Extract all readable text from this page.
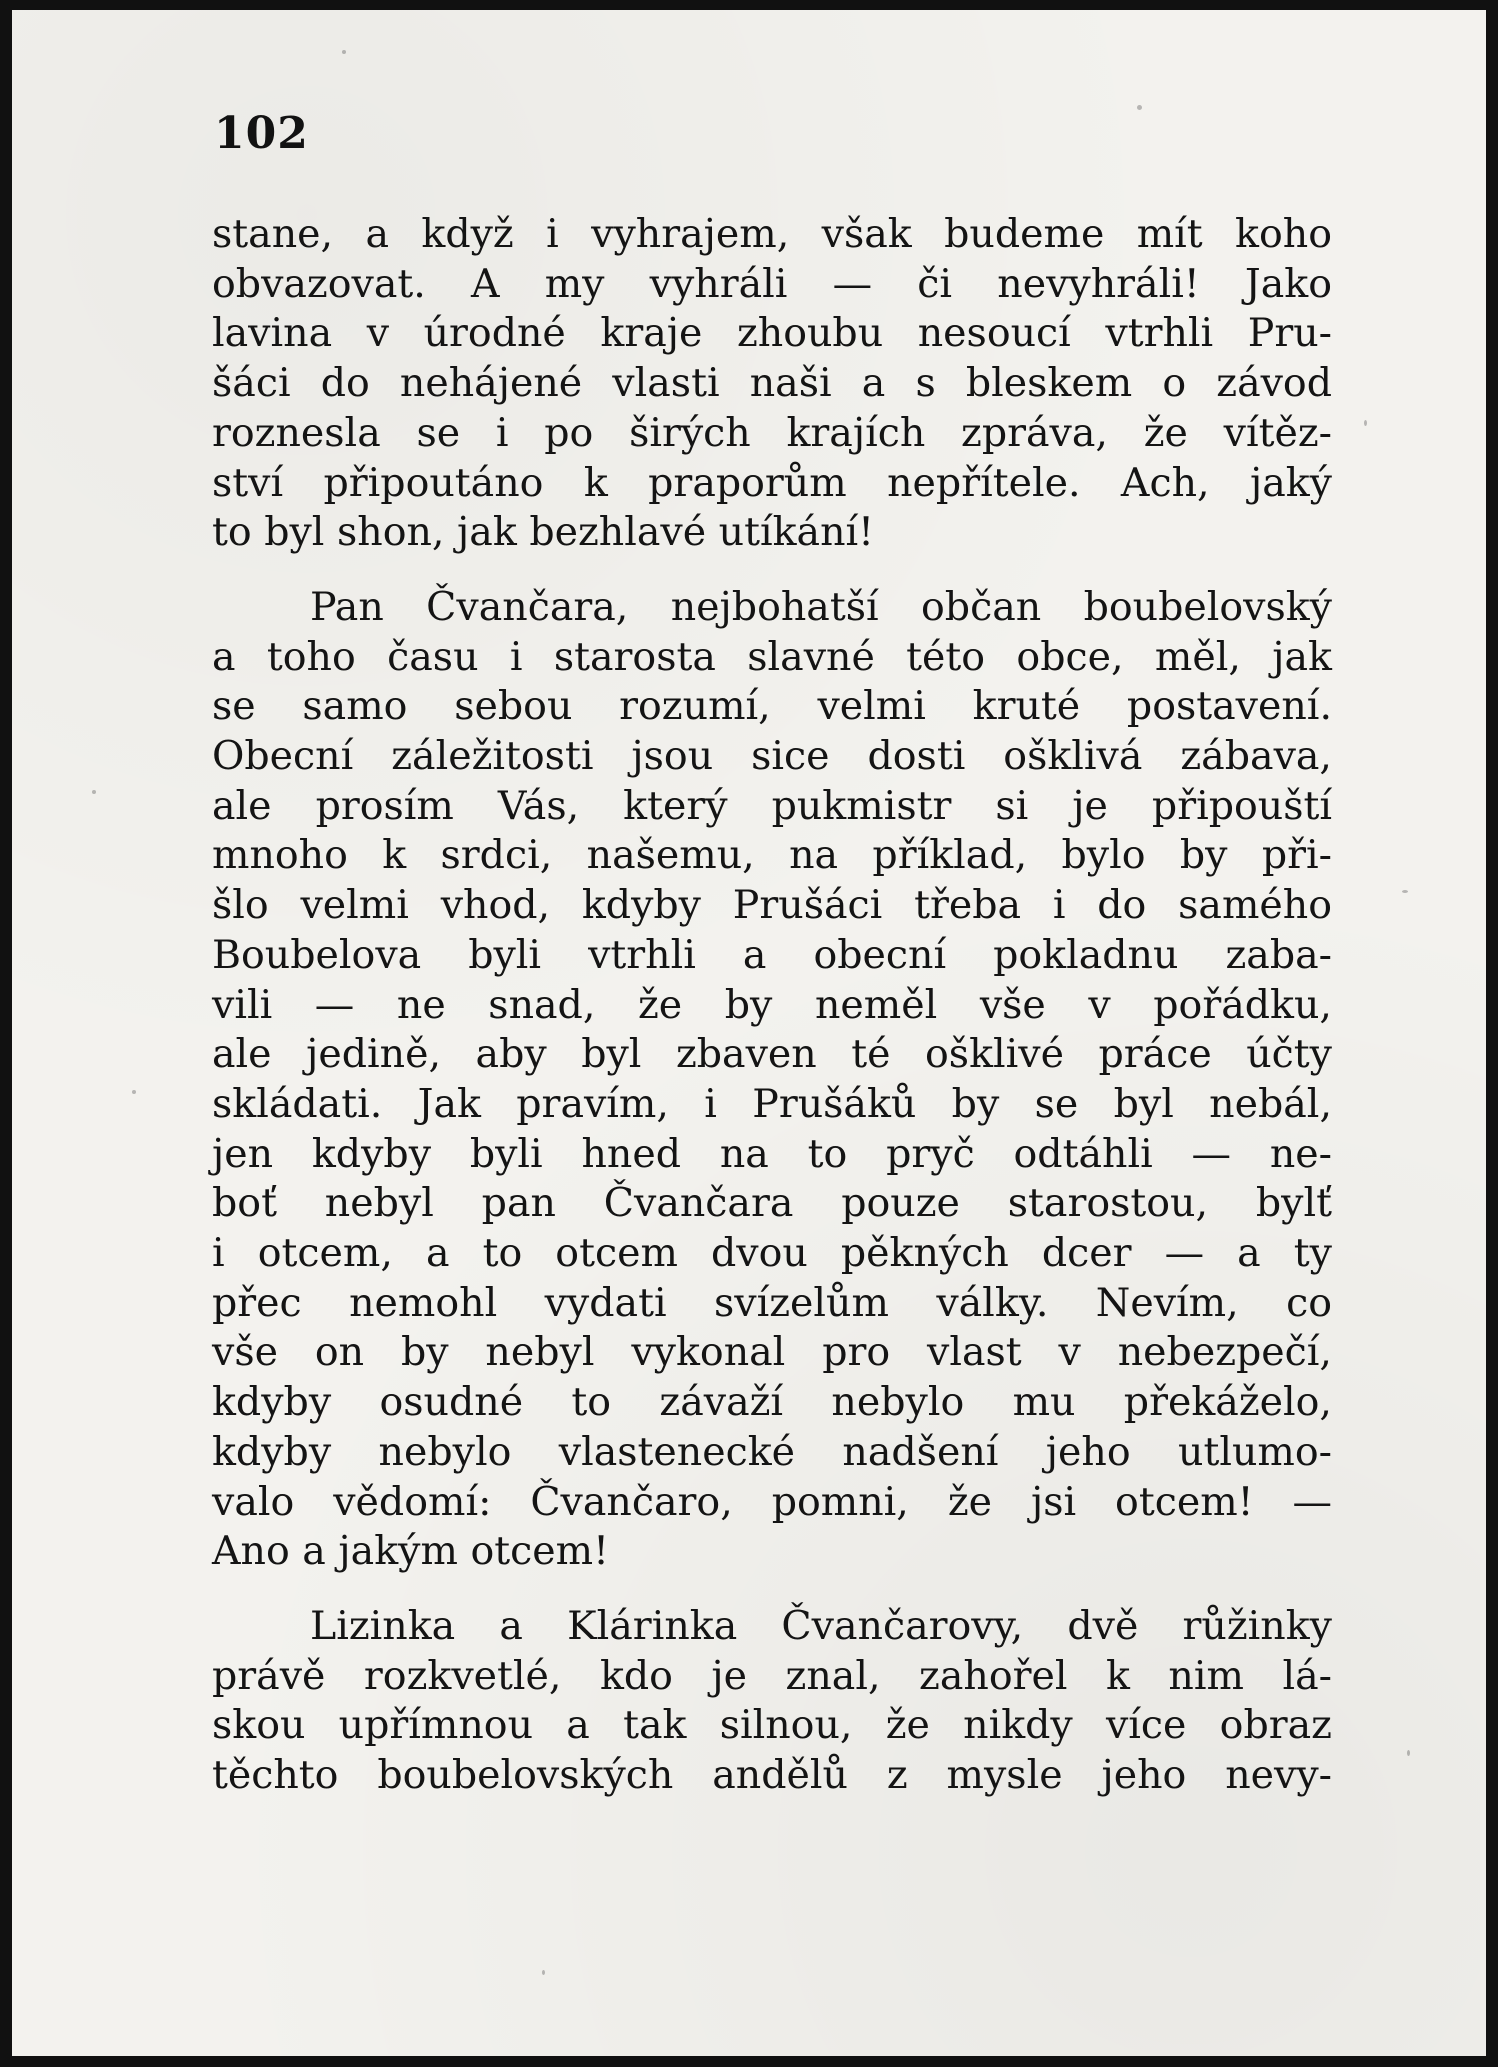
102
stane, a když i vyhrajem, však budeme mít koho
obvazovat. A my vyhráli — či nevyhráli! Jako
lavina v úrodné kraje zhoubu nesoucí vtrhli Pru-
šáci do nehájené vlasti naši a s bleskem o závod
roznesla se i po širých krajích zpráva, že vítěz-
ství připoutáno k praporům nepřítele. Ach, jaký
to byl shon, jak bezhlavé utíkání!
Pan Čvančara, nejbohatší občan boubelovský
a toho času i starosta slavné této obce, měl, jak
se samo sebou rozumí, velmi kruté postavení.
Obecní záležitosti jsou sice dosti ošklivá zábava,
ale prosím Vás, který pukmistr si je připouští
mnoho k srdci, našemu, na příklad, bylo by při-
šlo velmi vhod, kdyby Prušáci třeba i do samého
Boubelova byli vtrhli a obecní pokladnu zaba-
vili — ne snad, že by neměl vše v pořádku,
ale jedině, aby byl zbaven té ošklivé práce účty
skládati. Jak pravím, i Prušáků by se byl nebál,
jen kdyby byli hned na to pryč odtáhli — ne-
boť nebyl pan Čvančara pouze starostou, bylť
i otcem, a to otcem dvou pěkných dcer — a ty
přec nemohl vydati svízelům války. Nevím, co
vše on by nebyl vykonal pro vlast v nebezpečí,
kdyby osudné to závaží nebylo mu překáželo,
kdyby nebylo vlastenecké nadšení jeho utlumo-
valo vědomí: Čvančaro, pomni, že jsi otcem! —
Ano a jakým otcem!
Lizinka a Klárinka Čvančarovy, dvě růžinky
právě rozkvetlé, kdo je znal, zahořel k nim lá-
skou upřímnou a tak silnou, že nikdy více obraz
těchto boubelovských andělů z mysle jeho nevy-
